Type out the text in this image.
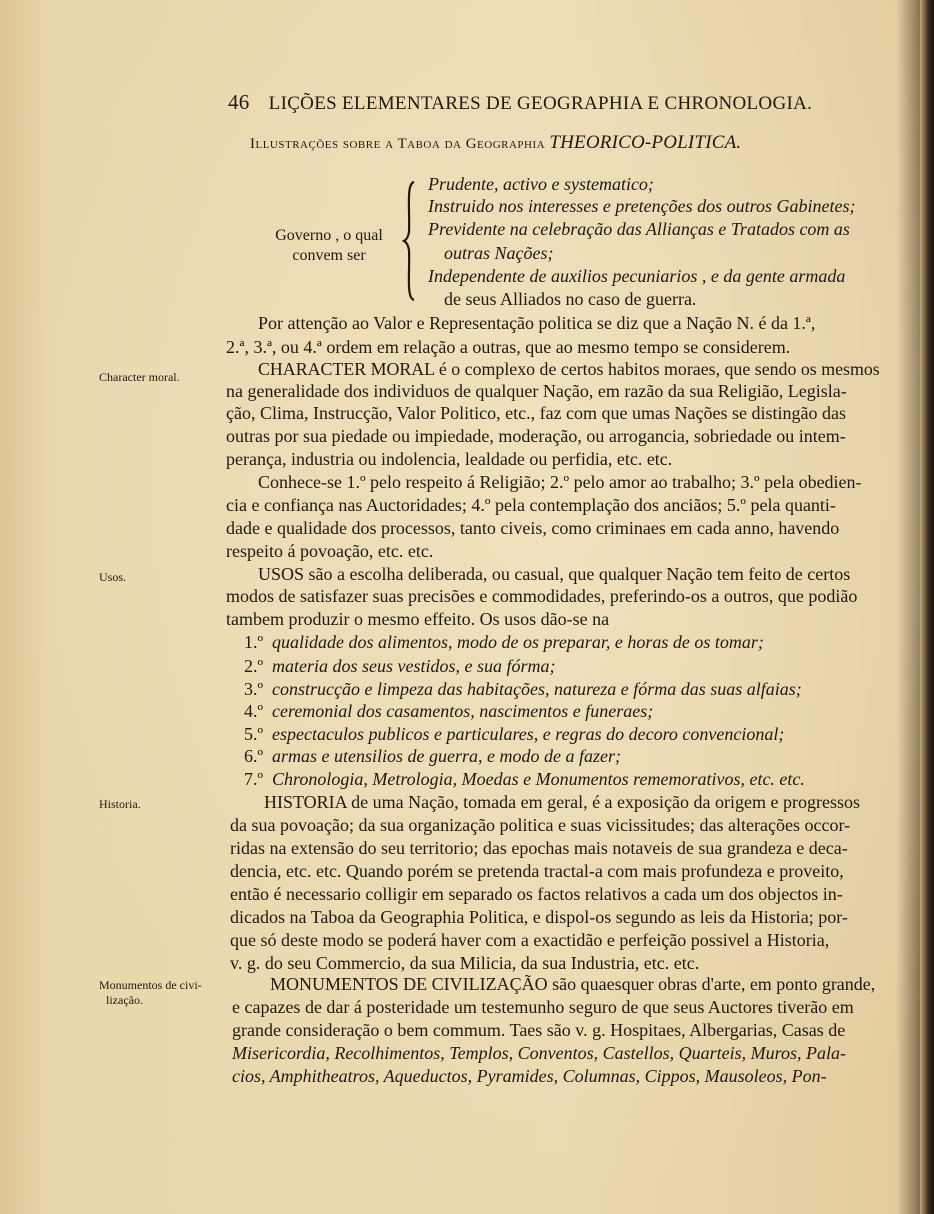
46 LIÇÕES ELEMENTARES DE GEOGRAPHIA E CHRONOLOGIA.
Illustrações sobre a Taboa da Geographia THEORICO-POLITICA.
Governo , o qual
convem ser
Prudente, activo e systematico;
Instruido nos interesses e pretenções dos outros Gabinetes;
Previdente na celebração das Allianças e Tratados com as
outras Nações;
Independente de auxilios pecuniarios , e da gente armada
de seus Alliados no caso de guerra.
Character moral.
Usos.
Historia.
Monumentos de civi-
lização.
Por attenção ao Valor e Representação politica se diz que a Nação N. é da 1.ª,
2.ª, 3.ª, ou 4.ª ordem em relação a outras, que ao mesmo tempo se considerem.
CHARACTER MORAL é o complexo de certos habitos moraes, que sendo os mesmos
na generalidade dos individuos de qualquer Nação, em razão da sua Religião, Legisla-
ção, Clima, Instrucção, Valor Politico, etc., faz com que umas Nações se distingão das
outras por sua piedade ou impiedade, moderação, ou arrogancia, sobriedade ou intem-
perança, industria ou indolencia, lealdade ou perfidia, etc. etc.
Conhece-se 1.º pelo respeito á Religião; 2.º pelo amor ao trabalho; 3.º pela obedien-
cia e confiança nas Auctoridades; 4.º pela contemplação dos anciãos; 5.º pela quanti-
dade e qualidade dos processos, tanto civeis, como criminaes em cada anno, havendo
respeito á povoação, etc. etc.
USOS são a escolha deliberada, ou casual, que qualquer Nação tem feito de certos
modos de satisfazer suas precisões e commodidades, preferindo-os a outros, que podião
tambem produzir o mesmo effeito. Os usos dão-se na
1.º qualidade dos alimentos, modo de os preparar, e horas de os tomar;
2.º materia dos seus vestidos, e sua fórma;
3.º construcção e limpeza das habitações, natureza e fórma das suas alfaias;
4.º ceremonial dos casamentos, nascimentos e funeraes;
5.º espectaculos publicos e particulares, e regras do decoro convencional;
6.º armas e utensilios de guerra, e modo de a fazer;
7.º Chronologia, Metrologia, Moedas e Monumentos rememorativos, etc. etc.
HISTORIA de uma Nação, tomada em geral, é a exposição da origem e progressos
da sua povoação; da sua organização politica e suas vicissitudes; das alterações occor-
ridas na extensão do seu territorio; das epochas mais notaveis de sua grandeza e deca-
dencia, etc. etc. Quando porém se pretenda tractal-a com mais profundeza e proveito,
então é necessario colligir em separado os factos relativos a cada um dos objectos in-
dicados na Taboa da Geographia Politica, e dispol-os segundo as leis da Historia; por-
que só deste modo se poderá haver com a exactidão e perfeição possivel a Historia,
v. g. do seu Commercio, da sua Milicia, da sua Industria, etc. etc.
MONUMENTOS DE CIVILIZAÇÃO são quaesquer obras d'arte, em ponto grande,
e capazes de dar á posteridade um testemunho seguro de que seus Auctores tiverão em
grande consideração o bem commum. Taes são v. g. Hospitaes, Albergarias, Casas de
Misericordia, Recolhimentos, Templos, Conventos, Castellos, Quarteis, Muros, Pala-
cios, Amphitheatros, Aqueductos, Pyramides, Columnas, Cippos, Mausoleos, Pon-
